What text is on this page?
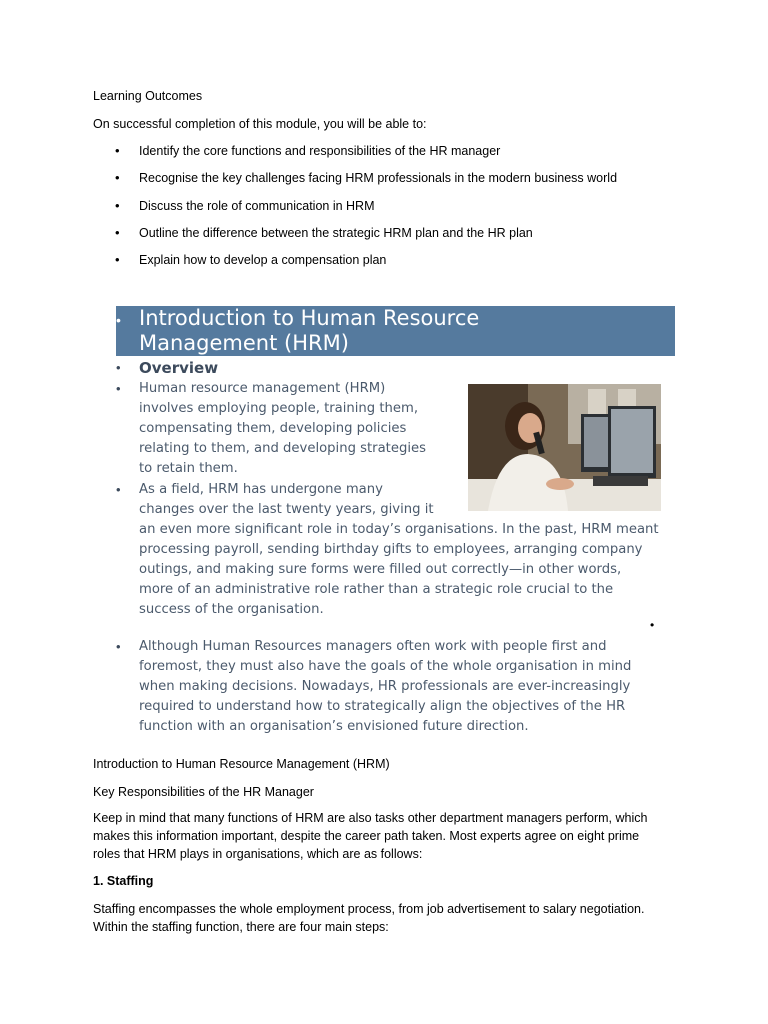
Learning Outcomes

On successful completion of this module, you will be able to:

• Identify the core functions and responsibilities of the HR manager
• Recognise the key challenges facing HRM professionals in the modern business world
• Discuss the role of communication in HRM
• Outline the difference between the strategic HRM plan and the HR plan
• Explain how to develop a compensation plan
• Introduction to Human Resource
Management (HRM)
• Overview
• Human resource management (HRM)
involves employing people, training them,
compensating them, developing policies
relating to them, and developing strategies
to retain them.
• As a field, HRM has undergone many
changes over the last twenty years, giving it
an even more significant role in today’s organisations. In the past, HRM meant
processing payroll, sending birthday gifts to employees, arranging company
outings, and making sure forms were filled out correctly—in other words,
more of an administrative role rather than a strategic role crucial to the
success of the organisation.
•
• Although Human Resources managers often work with people first and
foremost, they must also have the goals of the whole organisation in mind
when making decisions. Nowadays, HR professionals are ever-increasingly
required to understand how to strategically align the objectives of the HR
function with an organisation’s envisioned future direction.

Introduction to Human Resource Management (HRM)

Key Responsibilities of the HR Manager

Keep in mind that many functions of HRM are also tasks other department managers perform, which
makes this information important, despite the career path taken. Most experts agree on eight prime
roles that HRM plays in organisations, which are as follows:

1. Staffing

Staffing encompasses the whole employment process, from job advertisement to salary negotiation.
Within the staffing function, there are four main steps:
